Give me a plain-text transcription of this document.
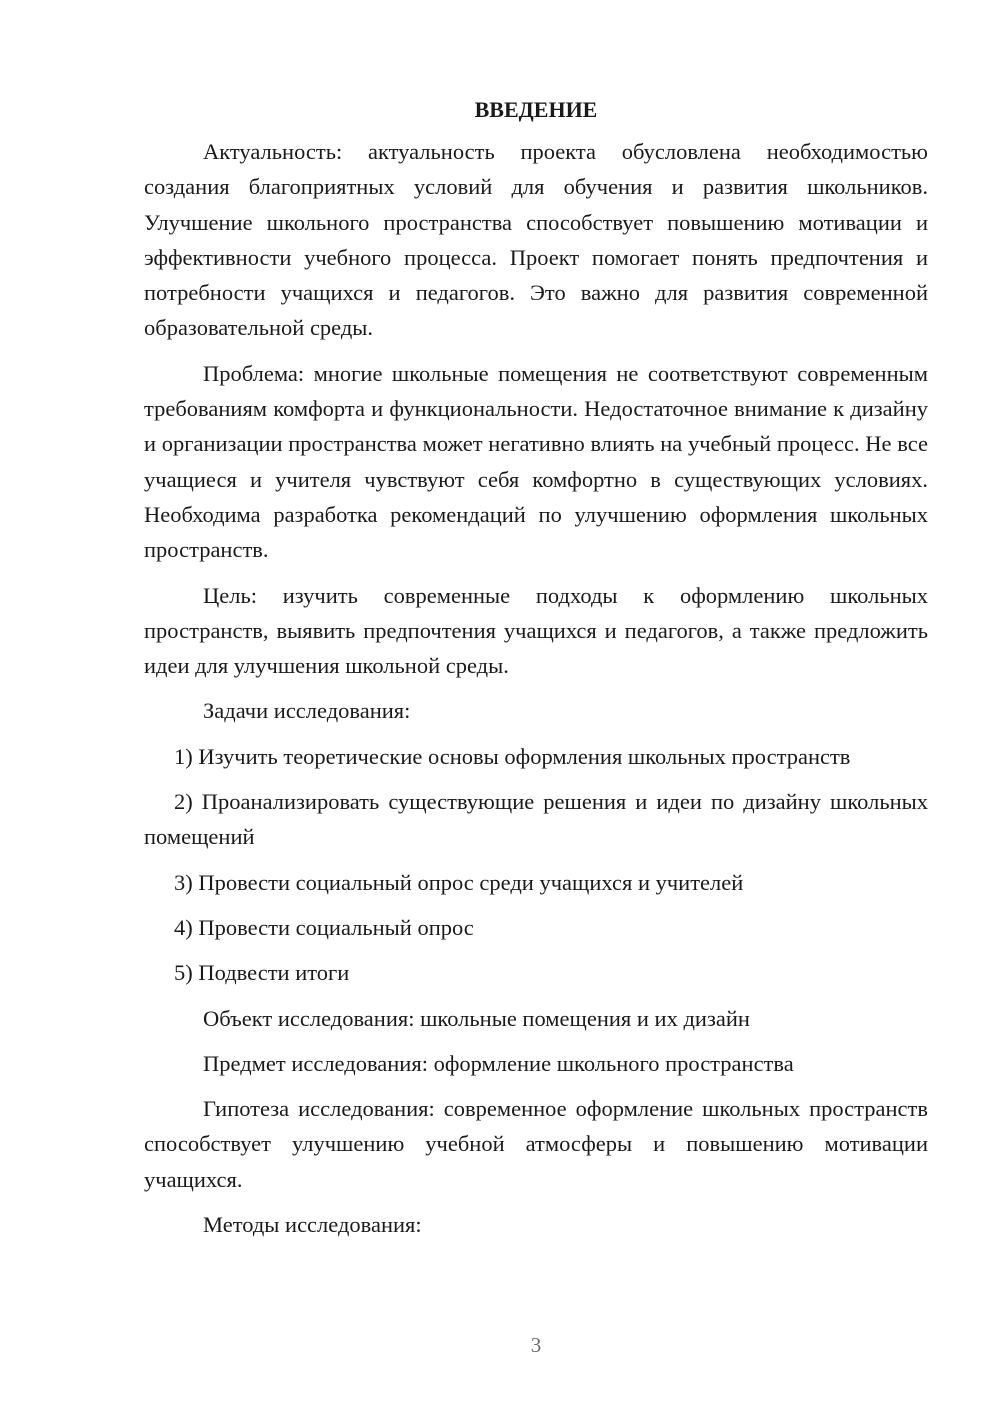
ВВЕДЕНИЕ

Актуальность: актуальность проекта обусловлена необходимостью создания благоприятных условий для обучения и развития школьников. Улучшение школьного пространства способствует повышению мотивации и эффективности учебного процесса. Проект помогает понять предпочтения и потребности учащихся и педагогов. Это важно для развития современной образовательной среды.

Проблема: многие школьные помещения не соответствуют современным требованиям комфорта и функциональности. Недостаточное внимание к дизайну и организации пространства может негативно влиять на учебный процесс. Не все учащиеся и учителя чувствуют себя комфортно в существующих условиях. Необходима разработка рекомендаций по улучшению оформления школьных пространств.

Цель: изучить современные подходы к оформлению школьных пространств, выявить предпочтения учащихся и педагогов, а также предложить идеи для улучшения школьной среды.

Задачи исследования:

1) Изучить теоретические основы оформления школьных пространств

2) Проанализировать существующие решения и идеи по дизайну школьных помещений

3) Провести социальный опрос среди учащихся и учителей

4) Провести социальный опрос

5) Подвести итоги

Объект исследования: школьные помещения и их дизайн

Предмет исследования: оформление школьного пространства

Гипотеза исследования: современное оформление школьных пространств способствует улучшению учебной атмосферы и повышению мотивации учащихся.

Методы исследования:

3
